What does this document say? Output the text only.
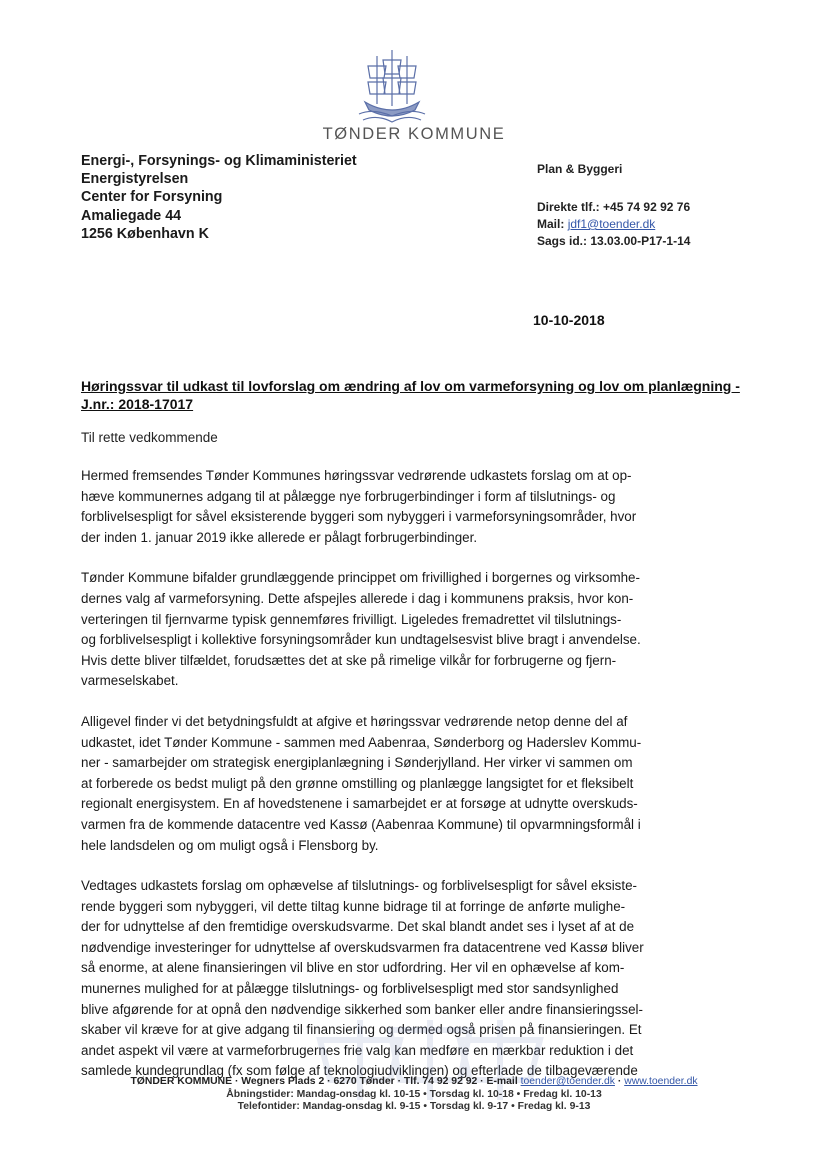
TØNDER KOMMUNE
Energi-, Forsynings- og Klimaministeriet
Energistyrelsen
Center for Forsyning
Amaliegade 44
1256 København K
Plan & Byggeri
Direkte tlf.: +45 74 92 92 76
Mail: jdf1@toender.dk
Sags id.: 13.03.00-P17-1-14
10-10-2018
Høringssvar til udkast til lovforslag om ændring af lov om varmeforsyning og lov om planlægning - J.nr.: 2018-17017
Til rette vedkommende
Hermed fremsendes Tønder Kommunes høringssvar vedrørende udkastets forslag om at op-
hæve kommunernes adgang til at pålægge nye forbrugerbindinger i form af tilslutnings- og
forblivelsespligt for såvel eksisterende byggeri som nybyggeri i varmeforsyningsområder, hvor
der inden 1. januar 2019 ikke allerede er pålagt forbrugerbindinger.
Tønder Kommune bifalder grundlæggende princippet om frivillighed i borgernes og virksomhe-
dernes valg af varmeforsyning. Dette afspejles allerede i dag i kommunens praksis, hvor kon-
verteringen til fjernvarme typisk gennemføres frivilligt. Ligeledes fremadrettet vil tilslutnings-
og forblivelsespligt i kollektive forsyningsområder kun undtagelsesvist blive bragt i anvendelse.
Hvis dette bliver tilfældet, forudsættes det at ske på rimelige vilkår for forbrugerne og fjern-
varmeselskabet.
Alligevel finder vi det betydningsfuldt at afgive et høringssvar vedrørende netop denne del af
udkastet, idet Tønder Kommune - sammen med Aabenraa, Sønderborg og Haderslev Kommu-
ner - samarbejder om strategisk energiplanlægning i Sønderjylland. Her virker vi sammen om
at forberede os bedst muligt på den grønne omstilling og planlægge langsigtet for et fleksibelt
regionalt energisystem. En af hovedstenene i samarbejdet er at forsøge at udnytte overskuds-
varmen fra de kommende datacentre ved Kassø (Aabenraa Kommune) til opvarmningsformål i
hele landsdelen og om muligt også i Flensborg by.
Vedtages udkastets forslag om ophævelse af tilslutnings- og forblivelsespligt for såvel eksiste-
rende byggeri som nybyggeri, vil dette tiltag kunne bidrage til at forringe de anførte mulighe-
der for udnyttelse af den fremtidige overskudsvarme. Det skal blandt andet ses i lyset af at de
nødvendige investeringer for udnyttelse af overskudsvarmen fra datacentrene ved Kassø bliver
så enorme, at alene finansieringen vil blive en stor udfordring. Her vil en ophævelse af kom-
munernes mulighed for at pålægge tilslutnings- og forblivelsespligt med stor sandsynlighed
blive afgørende for at opnå den nødvendige sikkerhed som banker eller andre finansieringssel-
skaber vil kræve for at give adgang til finansiering og dermed også prisen på finansieringen. Et
andet aspekt vil være at varmeforbrugernes frie valg kan medføre en mærkbar reduktion i det
samlede kundegrundlag (fx som følge af teknologiudviklingen) og efterlade de tilbageværende
TØNDER KOMMUNE · Wegners Plads 2 · 6270 Tønder · Tlf. 74 92 92 92 · E-mail toender@toender.dk · www.toender.dk
Åbningstider: Mandag-onsdag kl. 10-15 • Torsdag kl. 10-18 • Fredag kl. 10-13
Telefontider: Mandag-onsdag kl. 9-15 • Torsdag kl. 9-17 • Fredag kl. 9-13
